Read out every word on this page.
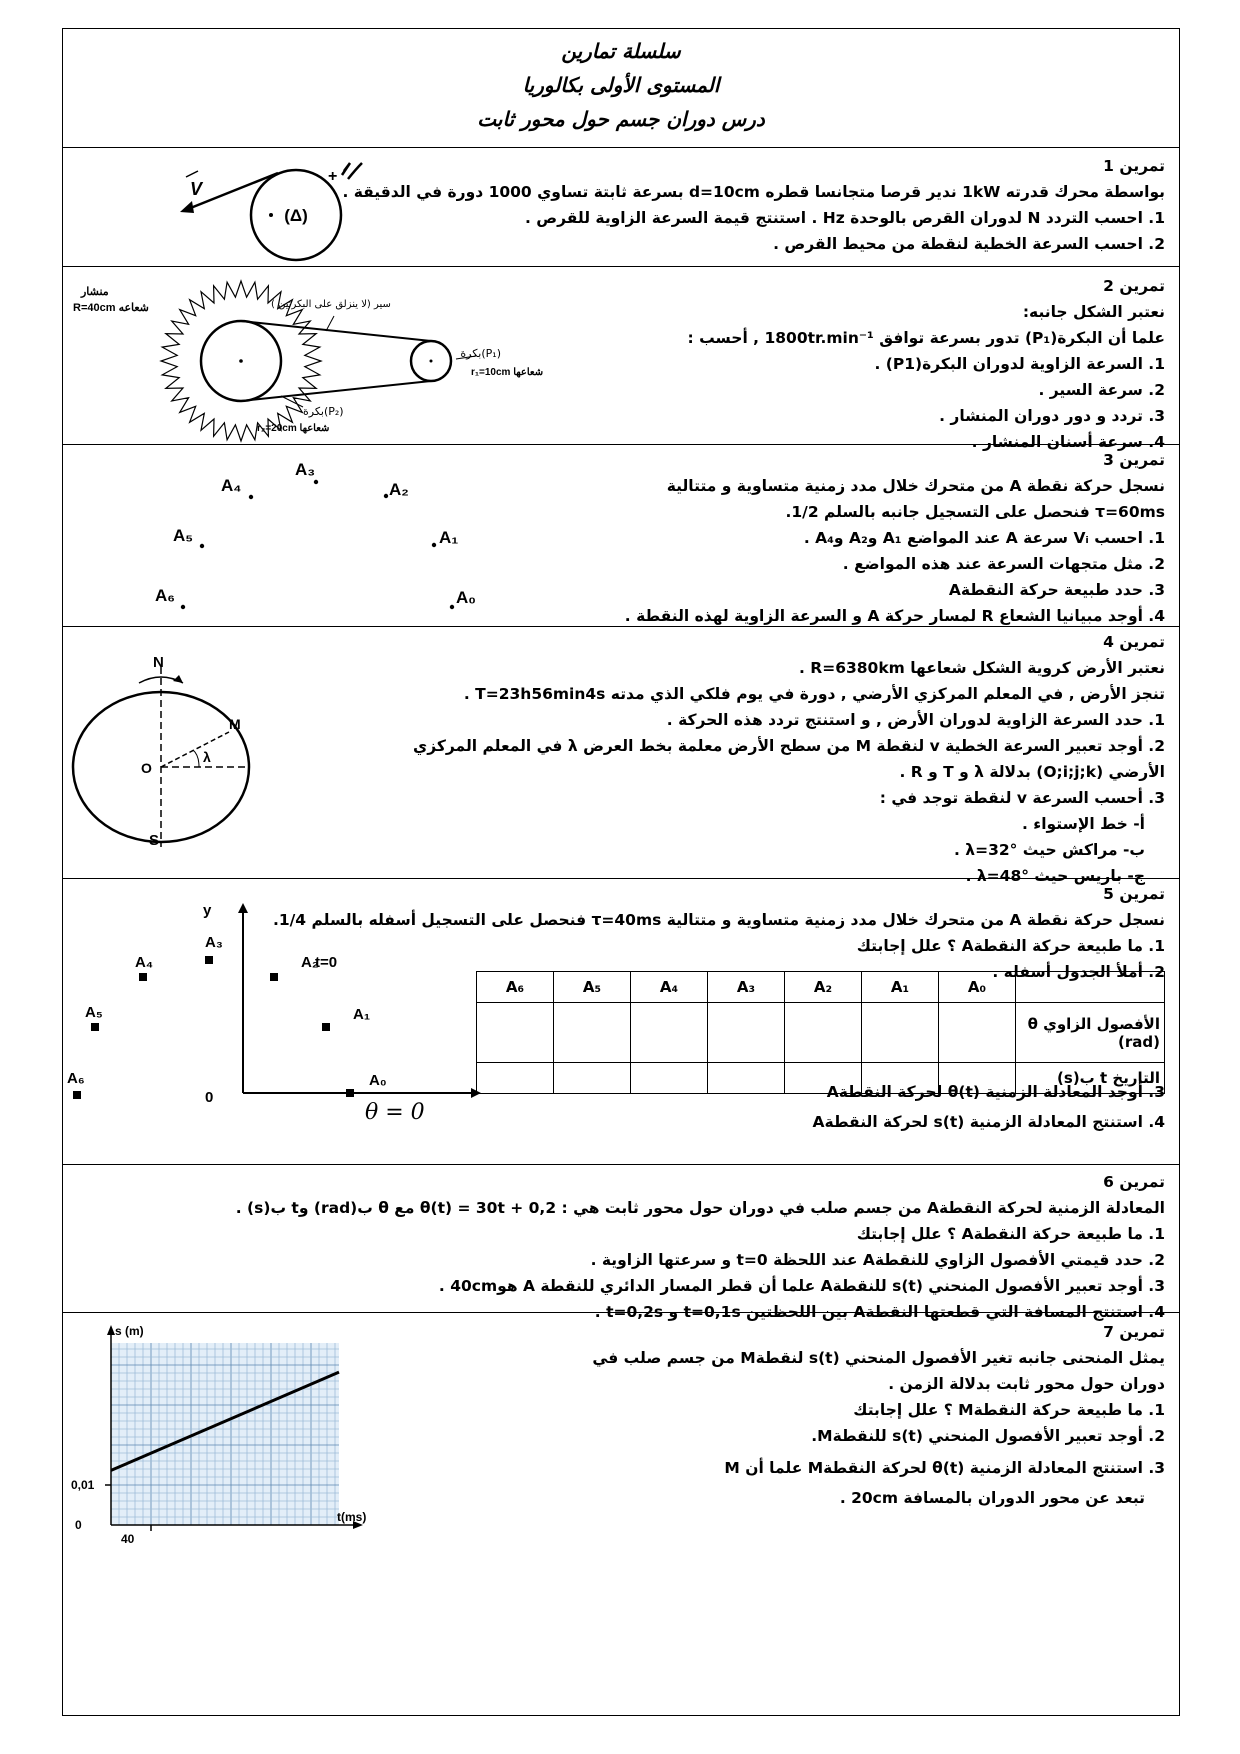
سلسلة تمارين
المستوى الأولى بكالوريا
درس دوران جسم حول محور ثابت
تمرين 1
بواسطة محرك قدرته 1kW ندير قرصا متجانسا قطره d=10cm بسرعة ثابتة تساوي 1000 دورة في الدقيقة .
1. احسب التردد N لدوران القرص بالوحدة Hz . استنتج قيمة السرعة الزاوية للقرص .
2. احسب السرعة الخطية لنقطة من محيط القرص .
(Δ)
V
+
تمرين 2
نعتبر الشكل جانبه:
علما أن البكرة(P₁) تدور بسرعة توافق 1800tr.min⁻¹ , أحسب :
1. السرعة الزاوية لدوران البكرة(P1) .
2. سرعة السير .
3. تردد و دور دوران المنشار .
4. سرعة أسنان المنشار .
منشار
R=40cm شعاعه	سير (لا ينزلق على البكرتين )
بكرة(P₁)
r₁=10cm شعاعها
بكرة(P₂)
r₂=20cm شعاعها
تمرين 3
نسجل حركة نقطة A من متحرك خلال مدد زمنية متساوية و متتالية
τ=60ms فنحصل على التسجيل جانبه بالسلم 1/2.
1. احسب Vᵢ سرعة A عند المواضع A₁ وA₂ وA₄ .
2. مثل متجهات السرعة عند هذه المواضع .
3. حدد طبيعة حركة النقطةA
4. أوجد مبيانيا الشعاع R لمسار حركة A و السرعة الزاوية لهذه النقطة .
A₀
A₁
A₂
A₃
A₄
A₅
A₆
تمرين 4
نعتبر الأرض كروية الشكل شعاعها R=6380km .
تنجز الأرض , في المعلم المركزي الأرضي , دورة في يوم فلكي الذي مدته T=23h56min4s .
1. حدد السرعة الزاوية لدوران الأرض , و استنتج تردد هذه الحركة .
2. أوجد تعبير السرعة الخطية v لنقطة M من سطح الأرض معلمة بخط العرض λ في المعلم المركزي
الأرضي (O;i;j;k) بدلالة λ و T و R .
3. أحسب السرعة v لنقطة توجد في :
أ- خط الإستواء .
ب- مراكش حيث λ=32° .
ج- باريس حيث λ=48° .
N
S
O
M
λ
تمرين 5
نسجل حركة نقطة A من متحرك خلال مدد زمنية متساوية و متتالية τ=40ms فنحصل على التسجيل أسفله بالسلم 1/4.
1. ما طبيعة حركة النقطةA ؟ علل إجابتك
2. أملأ الجدول أسفله .
	A₀	A₁	A₂	A₃	A₄	A₅	A₆
الأفصول الزاوي θ (rad)							
التاريخ t ب(s)							
3. أوجد المعادلة الزمنية θ(t) لحركة النقطةA
4. استنتج المعادلة الزمنية s(t) لحركة النقطةA
y
0
θ = 0
A₀
A₁
A₂
t=0
A₃
A₄
A₅
A₆
تمرين 6
المعادلة الزمنية لحركة النقطةA من جسم صلب في دوران حول محور ثابت هي : θ(t) = 30t + 0,2 مع θ ب(rad) وt ب(s) .
1. ما طبيعة حركة النقطةA ؟ علل إجابتك
2. حدد قيمتي الأفصول الزاوي للنقطةA عند اللحظة t=0 و سرعتها الزاوية .
3. أوجد تعبير الأفصول المنحني s(t) للنقطةA علما أن قطر المسار الدائري للنقطة A هو40cm .
4. استنتج المسافة التي قطعتها النقطةA بين اللحظتين t=0,1s و t=0,2s .
تمرين 7
يمثل المنحنى جانبه تغير الأفصول المنحني s(t) لنقطةM من جسم صلب في
دوران حول محور ثابت بدلالة الزمن .
1. ما طبيعة حركة النقطةM ؟ علل إجابتك
2. أوجد تعبير الأفصول المنحني s(t) للنقطةM.
3. استنتج المعادلة الزمنية θ(t) لحركة النقطةM علما أن M
تبعد عن محور الدوران بالمسافة 20cm .
s (m)
t(ms)
0,01
40
0
